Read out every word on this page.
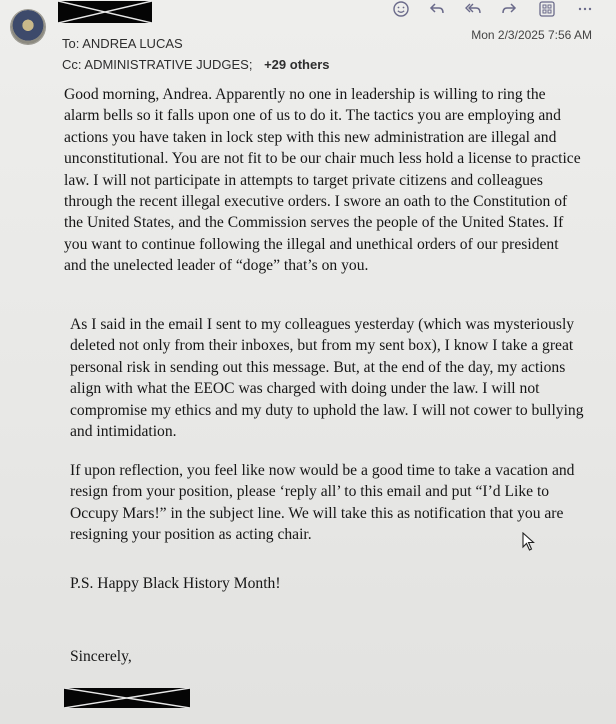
To: ANDREA LUCAS
Cc: ADMINISTRATIVE JUDGES; +29 others
Mon 2/3/2025 7:56 AM

Good morning, Andrea. Apparently no one in leadership is willing to ring the alarm bells so it falls upon one of us to do it. The tactics you are employing and actions you have taken in lock step with this new administration are illegal and unconstitutional. You are not fit to be our chair much less hold a license to practice law. I will not participate in attempts to target private citizens and colleagues through the recent illegal executive orders. I swore an oath to the Constitution of the United States, and the Commission serves the people of the United States. If you want to continue following the illegal and unethical orders of our president and the unelected leader of “doge” that’s on you.

As I said in the email I sent to my colleagues yesterday (which was mysteriously deleted not only from their inboxes, but from my sent box), I know I take a great personal risk in sending out this message. But, at the end of the day, my actions align with what the EEOC was charged with doing under the law. I will not compromise my ethics and my duty to uphold the law. I will not cower to bullying and intimidation.

If upon reflection, you feel like now would be a good time to take a vacation and resign from your position, please ‘reply all’ to this email and put “I’d Like to Occupy Mars!” in the subject line. We will take this as notification that you are resigning your position as acting chair.

P.S. Happy Black History Month!

Sincerely,
